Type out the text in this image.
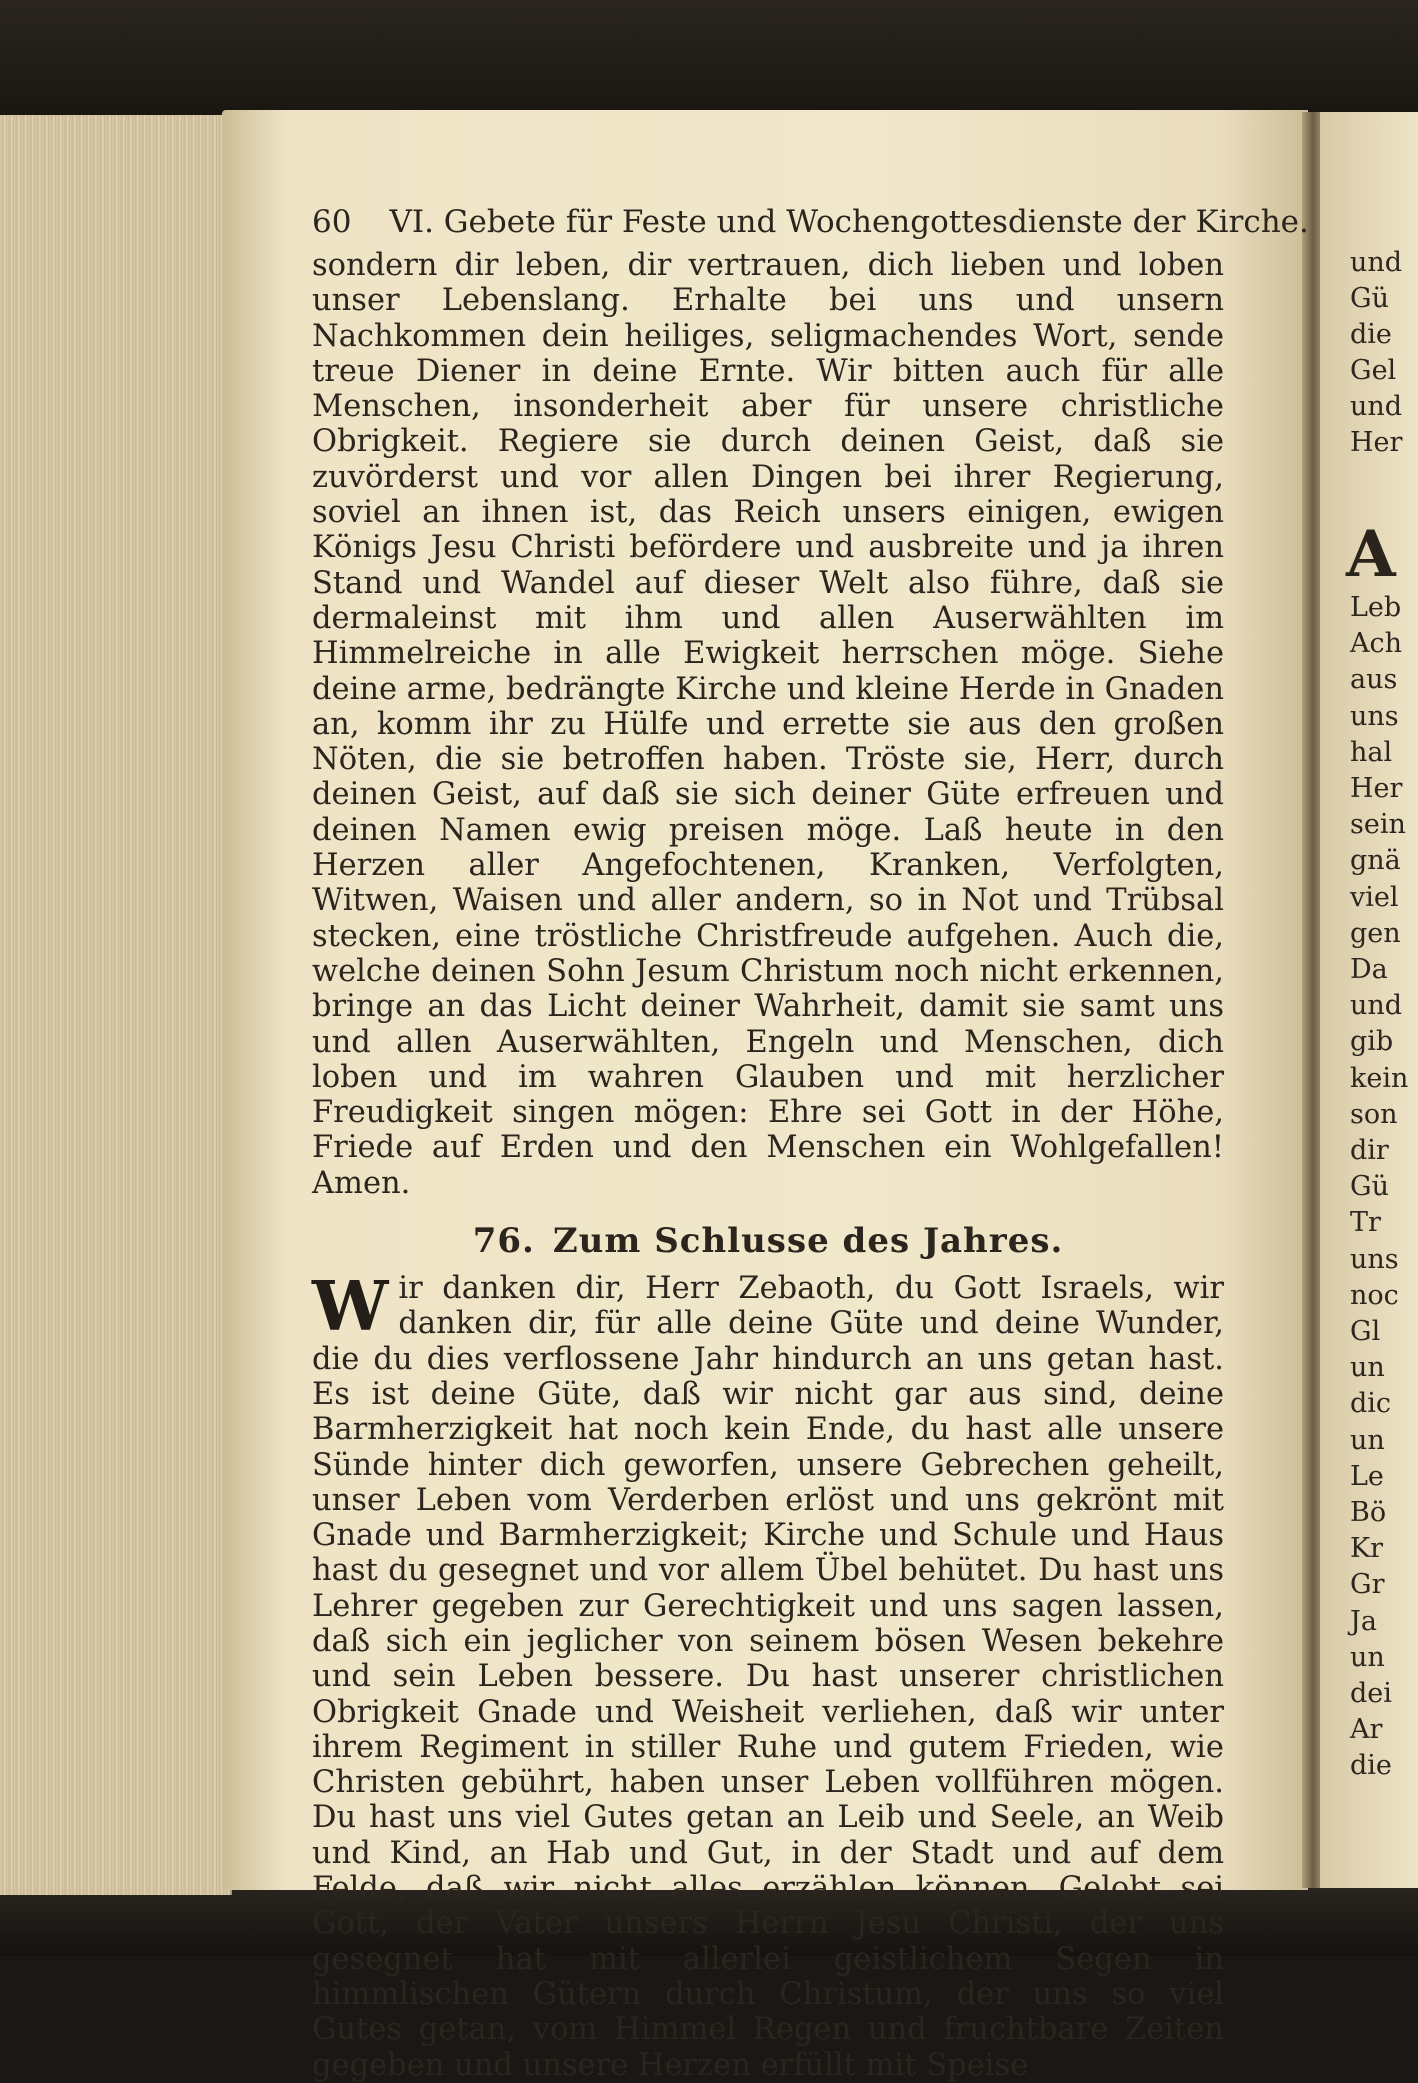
und
Gü
die
Gel
und
Her
A
Leb
Ach
aus
uns
hal
Her
sein
gnä
viel
gen
Da
und
gib
kein
son
dir
Gü
Tr
uns
noc
Gl
un
dic
un
Le
Bö
Kr
Gr
Ja
un
dei
Ar
die
60 VI. Gebete für Feste und Wochengottesdienste der Kirche.

sondern dir leben, dir vertrauen, dich lieben und loben unser Lebenslang. Erhalte bei uns und unsern Nachkommen dein heiliges, seligmachendes Wort, sende treue Diener in deine Ernte. Wir bitten auch für alle Menschen, insonderheit aber für unsere christliche Obrigkeit. Regiere sie durch deinen Geist, daß sie zuvörderst und vor allen Dingen bei ihrer Regierung, soviel an ihnen ist, das Reich unsers einigen, ewigen Königs Jesu Christi befördere und ausbreite und ja ihren Stand und Wandel auf dieser Welt also führe, daß sie dermaleinst mit ihm und allen Auserwählten im Himmelreiche in alle Ewigkeit herrschen möge. Siehe deine arme, bedrängte Kirche und kleine Herde in Gnaden an, komm ihr zu Hülfe und errette sie aus den großen Nöten, die sie betroffen haben. Tröste sie, Herr, durch deinen Geist, auf daß sie sich deiner Güte erfreuen und deinen Namen ewig preisen möge. Laß heute in den Herzen aller Angefochtenen, Kranken, Verfolgten, Witwen, Waisen und aller andern, so in Not und Trübsal stecken, eine tröstliche Christfreude aufgehen. Auch die, welche deinen Sohn Jesum Christum noch nicht erkennen, bringe an das Licht deiner Wahrheit, damit sie samt uns und allen Auserwählten, Engeln und Menschen, dich loben und im wahren Glauben und mit herzlicher Freudigkeit singen mögen: Ehre sei Gott in der Höhe, Friede auf Erden und den Menschen ein Wohlgefallen! Amen.

76. Zum Schlusse des Jahres.

Wir danken dir, Herr Zebaoth, du Gott Israels, wir danken dir, für alle deine Güte und deine Wunder, die du dies verflossene Jahr hindurch an uns getan hast. Es ist deine Güte, daß wir nicht gar aus sind, deine Barmherzigkeit hat noch kein Ende, du hast alle unsere Sünde hinter dich geworfen, unsere Gebrechen geheilt, unser Leben vom Verderben erlöst und uns gekrönt mit Gnade und Barmherzigkeit; Kirche und Schule und Haus hast du gesegnet und vor allem Übel behütet. Du hast uns Lehrer gegeben zur Gerechtigkeit und uns sagen lassen, daß sich ein jeglicher von seinem bösen Wesen bekehre und sein Leben bessere. Du hast unserer christlichen Obrigkeit Gnade und Weisheit verliehen, daß wir unter ihrem Regiment in stiller Ruhe und gutem Frieden, wie Christen gebührt, haben unser Leben vollführen mögen. Du hast uns viel Gutes getan an Leib und Seele, an Weib und Kind, an Hab und Gut, in der Stadt und auf dem Felde, daß wir nicht alles erzählen können. Gelobt sei Gott, der Vater unsers Herrn Jesu Christi, der uns gesegnet hat mit allerlei geistlichem Segen in himmlischen Gütern durch Christum, der uns so viel Gutes getan, vom Himmel Regen und fruchtbare Zeiten gegeben und unsere Herzen erfüllt mit Speise
